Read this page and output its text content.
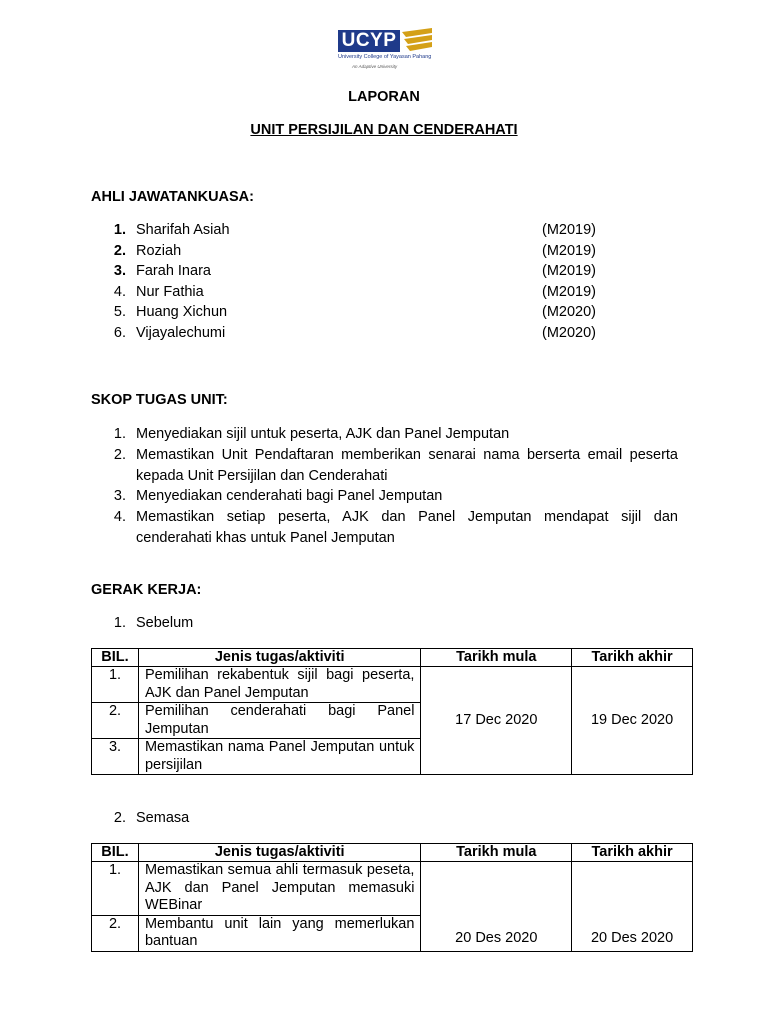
UCYP
University College of Yayasan Pahang
An Adaptive University
LAPORAN
UNIT PERSIJILAN DAN CENDERAHATI
AHLI JAWATANKUASA:
1. Sharifah Asiah	(M2019)
2. Roziah	(M2019)
3. Farah Inara	(M2019)
4. Nur Fathia	(M2019)
5. Huang Xichun	(M2020)
6. Vijayalechumi	(M2020)
SKOP TUGAS UNIT:
1. Menyediakan sijil untuk peserta, AJK dan Panel Jemputan
2. Memastikan Unit Pendaftaran memberikan senarai nama berserta email peserta kepada Unit Persijilan dan Cenderahati
3. Menyediakan cenderahati bagi Panel Jemputan
4. Memastikan setiap peserta, AJK dan Panel Jemputan mendapat sijil dan cenderahati khas untuk Panel Jemputan
GERAK KERJA:
1. Sebelum
BIL.	Jenis tugas/aktiviti	Tarikh mula	Tarikh akhir
1.	Pemilihan rekabentuk sijil bagi peserta, AJK dan Panel Jemputan	17 Dec 2020	19 Dec 2020
2.	Pemilihan cenderahati bagi Panel Jemputan		
3.	Memastikan nama Panel Jemputan untuk persijilan		
2. Semasa
BIL.	Jenis tugas/aktiviti	Tarikh mula	Tarikh akhir
1.	Memastikan semua ahli termasuk peseta, AJK dan Panel Jemputan memasuki WEBinar	20 Des 2020	20 Des 2020
2.	Membantu unit lain yang memerlukan bantuan		
